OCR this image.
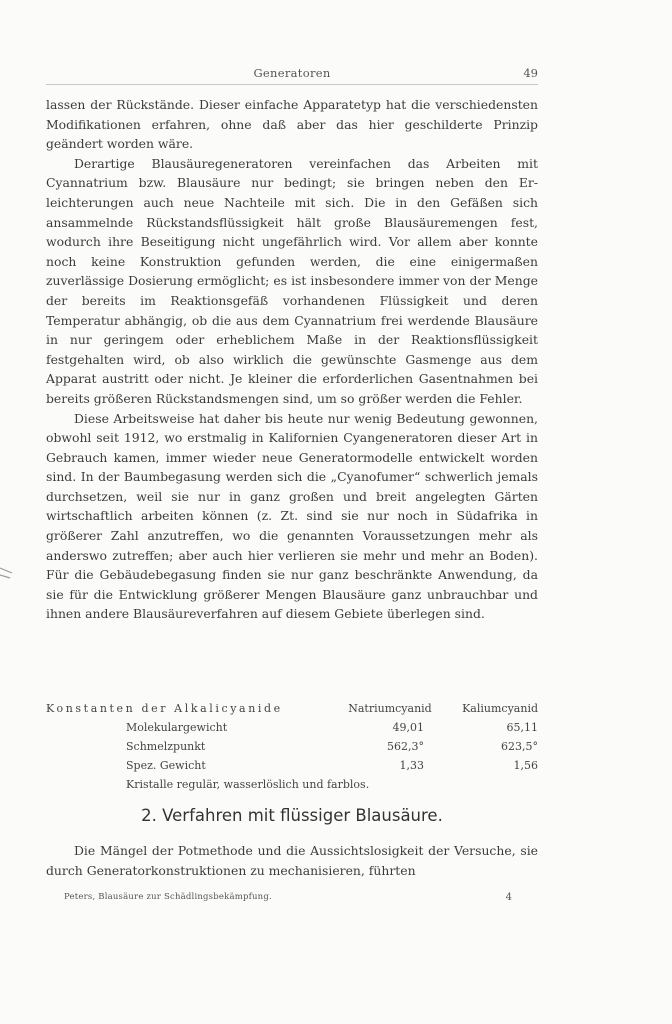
Generatoren	49

lassen der Rückstände. Dieser einfache Apparatetyp hat die verschiedensten Modifikationen erfahren, ohne daß aber das hier geschilderte Prinzip geändert worden wäre.

Derartige Blausäuregeneratoren vereinfachen das Arbeiten mit Cyannatrium bzw. Blausäure nur bedingt; sie bringen neben den Erleichterungen auch neue Nachteile mit sich. Die in den Gefäßen sich ansammelnde Rückstandsflüssigkeit hält große Blausäuremengen fest, wodurch ihre Beseitigung nicht ungefährlich wird. Vor allem aber konnte noch keine Konstruktion gefunden werden, die eine einigermaßen zuverlässige Dosierung ermöglicht; es ist insbesondere immer von der Menge der bereits im Reaktionsgefäß vorhandenen Flüssigkeit und deren Temperatur abhängig, ob die aus dem Cyannatrium frei werdende Blausäure in nur geringem oder erheblichem Maße in der Reaktionsflüssigkeit festgehalten wird, ob also wirklich die gewünschte Gasmenge aus dem Apparat austritt oder nicht. Je kleiner die erforderlichen Gasentnahmen bei bereits größeren Rückstandsmengen sind, um so größer werden die Fehler.

Diese Arbeitsweise hat daher bis heute nur wenig Bedeutung gewonnen, obwohl seit 1912, wo erstmalig in Kalifornien Cyangeneratoren dieser Art in Gebrauch kamen, immer wieder neue Generatormodelle entwickelt worden sind. In der Baumbegasung werden sich die „Cyanofumer“ schwerlich jemals durchsetzen, weil sie nur in ganz großen und breit angelegten Gärten wirtschaftlich arbeiten können (z. Zt. sind sie nur noch in Südafrika in größerer Zahl anzutreffen, wo die genannten Voraussetzungen mehr als anderswo zutreffen; aber auch hier verlieren sie mehr und mehr an Boden). Für die Gebäudebegasung finden sie nur ganz beschränkte Anwendung, da sie für die Entwicklung größerer Mengen Blausäure ganz unbrauchbar und ihnen andere Blausäureverfahren auf diesem Gebiete überlegen sind.

Konstanten der Alkalicyanide	Natriumcyanid	Kaliumcyanid
Molekulargewicht	49,01	65,11
Schmelzpunkt	562,3°	623,5°
Spez. Gewicht	1,33	1,56
Kristalle regulär, wasserlöslich und farblos.
2. Verfahren mit flüssiger Blausäure.

Die Mängel der Potmethode und die Aussichtslosigkeit der Versuche, sie durch Generatorkonstruktionen zu mechanisieren, führten

Peters, Blausäure zur Schädlingsbekämpfung.	4
